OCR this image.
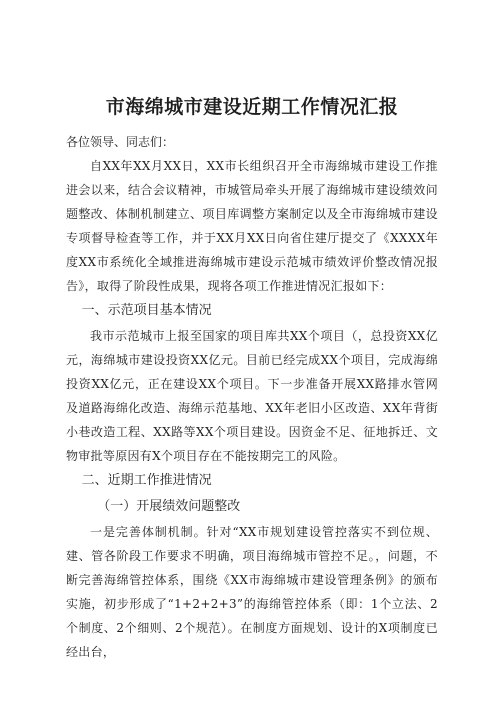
市海绵城市建设近期工作情况汇报

各位领导、同志们：

自XX年XX月XX日，XX市长组织召开全市海绵城市建设工作推进会以来，结合会议精神，市城管局牵头开展了海绵城市建设绩效问题整改、体制机制建立、项目库调整方案制定以及全市海绵城市建设专项督导检查等工作，并于XX月XX日向省住建厅提交了《XXXX年度XX市系统化全域推进海绵城市建设示范城市绩效评价整改情况报告》，取得了阶段性成果，现将各项工作推进情况汇报如下：

一、示范项目基本情况

我市示范城市上报至国家的项目库共XX个项目（，总投资XX亿元，海绵城市建设投资XX亿元。目前已经完成XX个项目，完成海绵投资XX亿元，正在建设XX个项目。下一步准备开展XX路排水管网及道路海绵化改造、海绵示范基地、XX年老旧小区改造、XX年背街小巷改造工程、XX路等XX个项目建设。因资金不足、征地拆迁、文物审批等原因有X个项目存在不能按期完工的风险。

二、近期工作推进情况
（一）开展绩效问题整改

一是完善体制机制。针对“XX市规划建设管控落实不到位规、建、管各阶段工作要求不明确，项目海绵城市管控不足。，问题，不断完善海绵管控体系，围绕《XX市海绵城市建设管理条例》的颁布实施，初步形成了“1+2+2+3”的海绵管控体系（即：1个立法、2个制度、2个细则、2个规范）。在制度方面规划、设计的X项制度已经出台，
